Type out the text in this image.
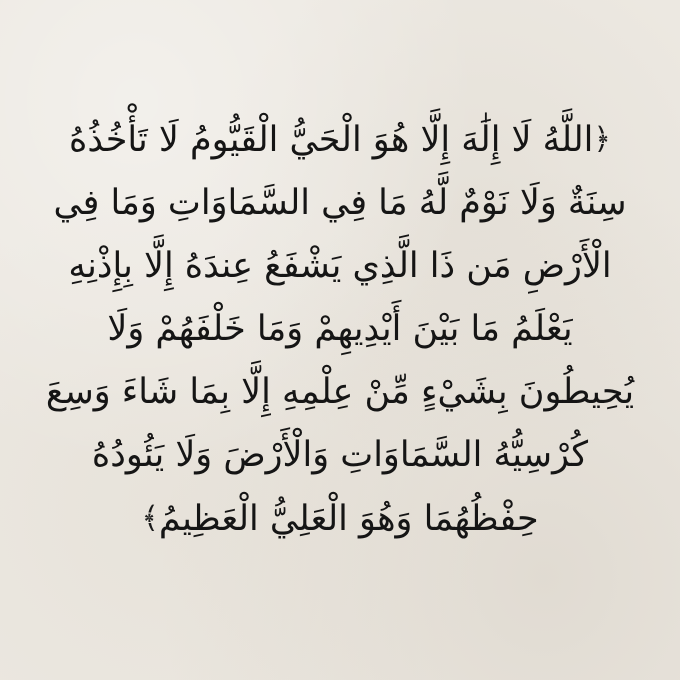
﴿اللَّهُ لَا إِلَٰهَ إِلَّا هُوَ الْحَيُّ الْقَيُّومُ لَا تَأْخُذُهُ
سِنَةٌ وَلَا نَوْمٌ لَّهُ مَا فِي السَّمَاوَاتِ وَمَا فِي
الْأَرْضِ مَن ذَا الَّذِي يَشْفَعُ عِندَهُ إِلَّا بِإِذْنِهِ
يَعْلَمُ مَا بَيْنَ أَيْدِيهِمْ وَمَا خَلْفَهُمْ وَلَا
يُحِيطُونَ بِشَيْءٍ مِّنْ عِلْمِهِ إِلَّا بِمَا شَاءَ وَسِعَ
كُرْسِيُّهُ السَّمَاوَاتِ وَالْأَرْضَ وَلَا يَئُودُهُ
حِفْظُهُمَا وَهُوَ الْعَلِيُّ الْعَظِيمُ﴾
